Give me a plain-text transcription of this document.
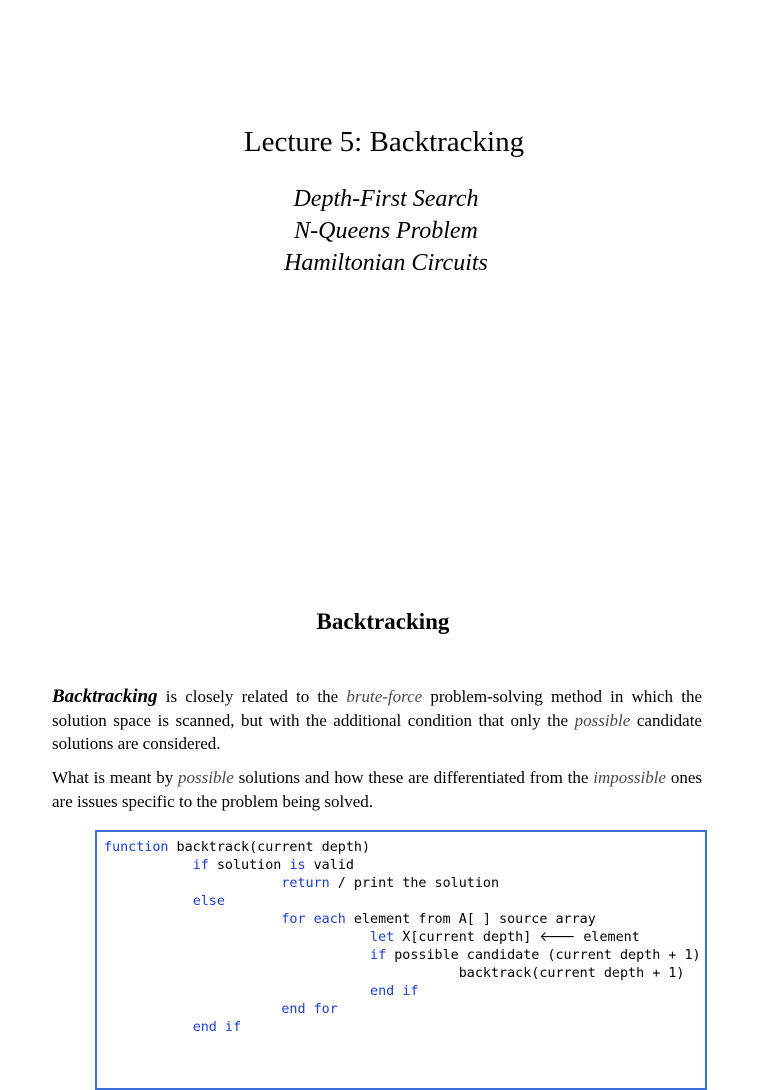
Lecture 5: Backtracking
Depth-First Search
N-Queens Problem
Hamiltonian Circuits
Backtracking

Backtracking is closely related to the brute-force problem-solving method in which the solution space is scanned, but with the additional condition that only the possible candidate solutions are considered.

What is meant by possible solutions and how these are differentiated from the impossible ones are issues specific to the problem being solved.

function backtrack(current depth)
if solution is valid
return / print the solution
else
for each element from A[ ] source array
let X[current depth] 🡐 element
if possible candidate (current depth + 1)
backtrack(current depth + 1)
end if
end for
end if
